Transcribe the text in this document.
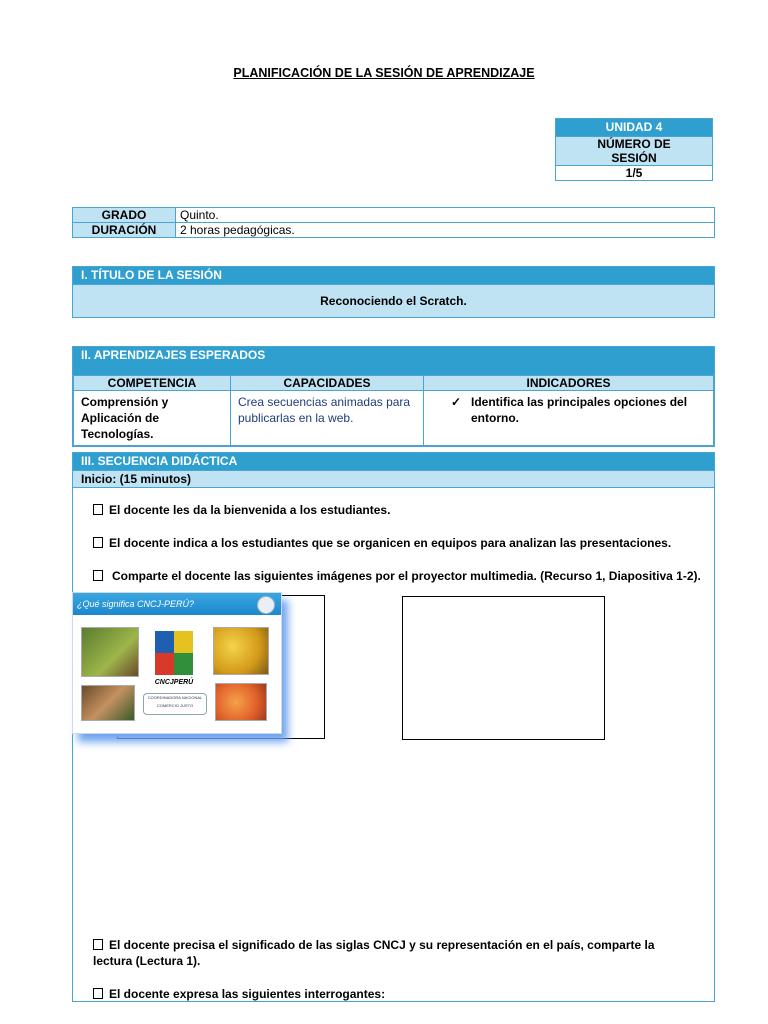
PLANIFICACIÓN DE LA SESIÓN DE APRENDIZAJE
UNIDAD 4
NÚMERO DE SESIÓN
1/5
GRADO	Quinto.
DURACIÓN	2 horas pedagógicas.
I. TÍTULO DE LA SESIÓN
Reconociendo el Scratch.
II. APRENDIZAJES ESPERADOS
COMPETENCIA	CAPACIDADES	INDICADORES
Comprensión y Aplicación de Tecnologías.	Crea secuencias animadas para publicarlas en la web.	✓ Identifica las principales opciones del entorno.
III. SECUENCIA DIDÁCTICA
Inicio: (15 minutos)
El docente les da la bienvenida a los estudiantes.
El docente indica a los estudiantes que se organicen en equipos para analizan las presentaciones.
Comparte el docente las siguientes imágenes por el proyector multimedia. (Recurso 1, Diapositiva 1-2).
¿Qué significa CNCJ-PERÚ?
CNCJPERÚ
COORDINADORA NACIONAL COMERCIO JUSTO
El docente precisa el significado de las siglas CNCJ y su representación en el país, comparte la lectura (Lectura 1).
El docente expresa las siguientes interrogantes:
